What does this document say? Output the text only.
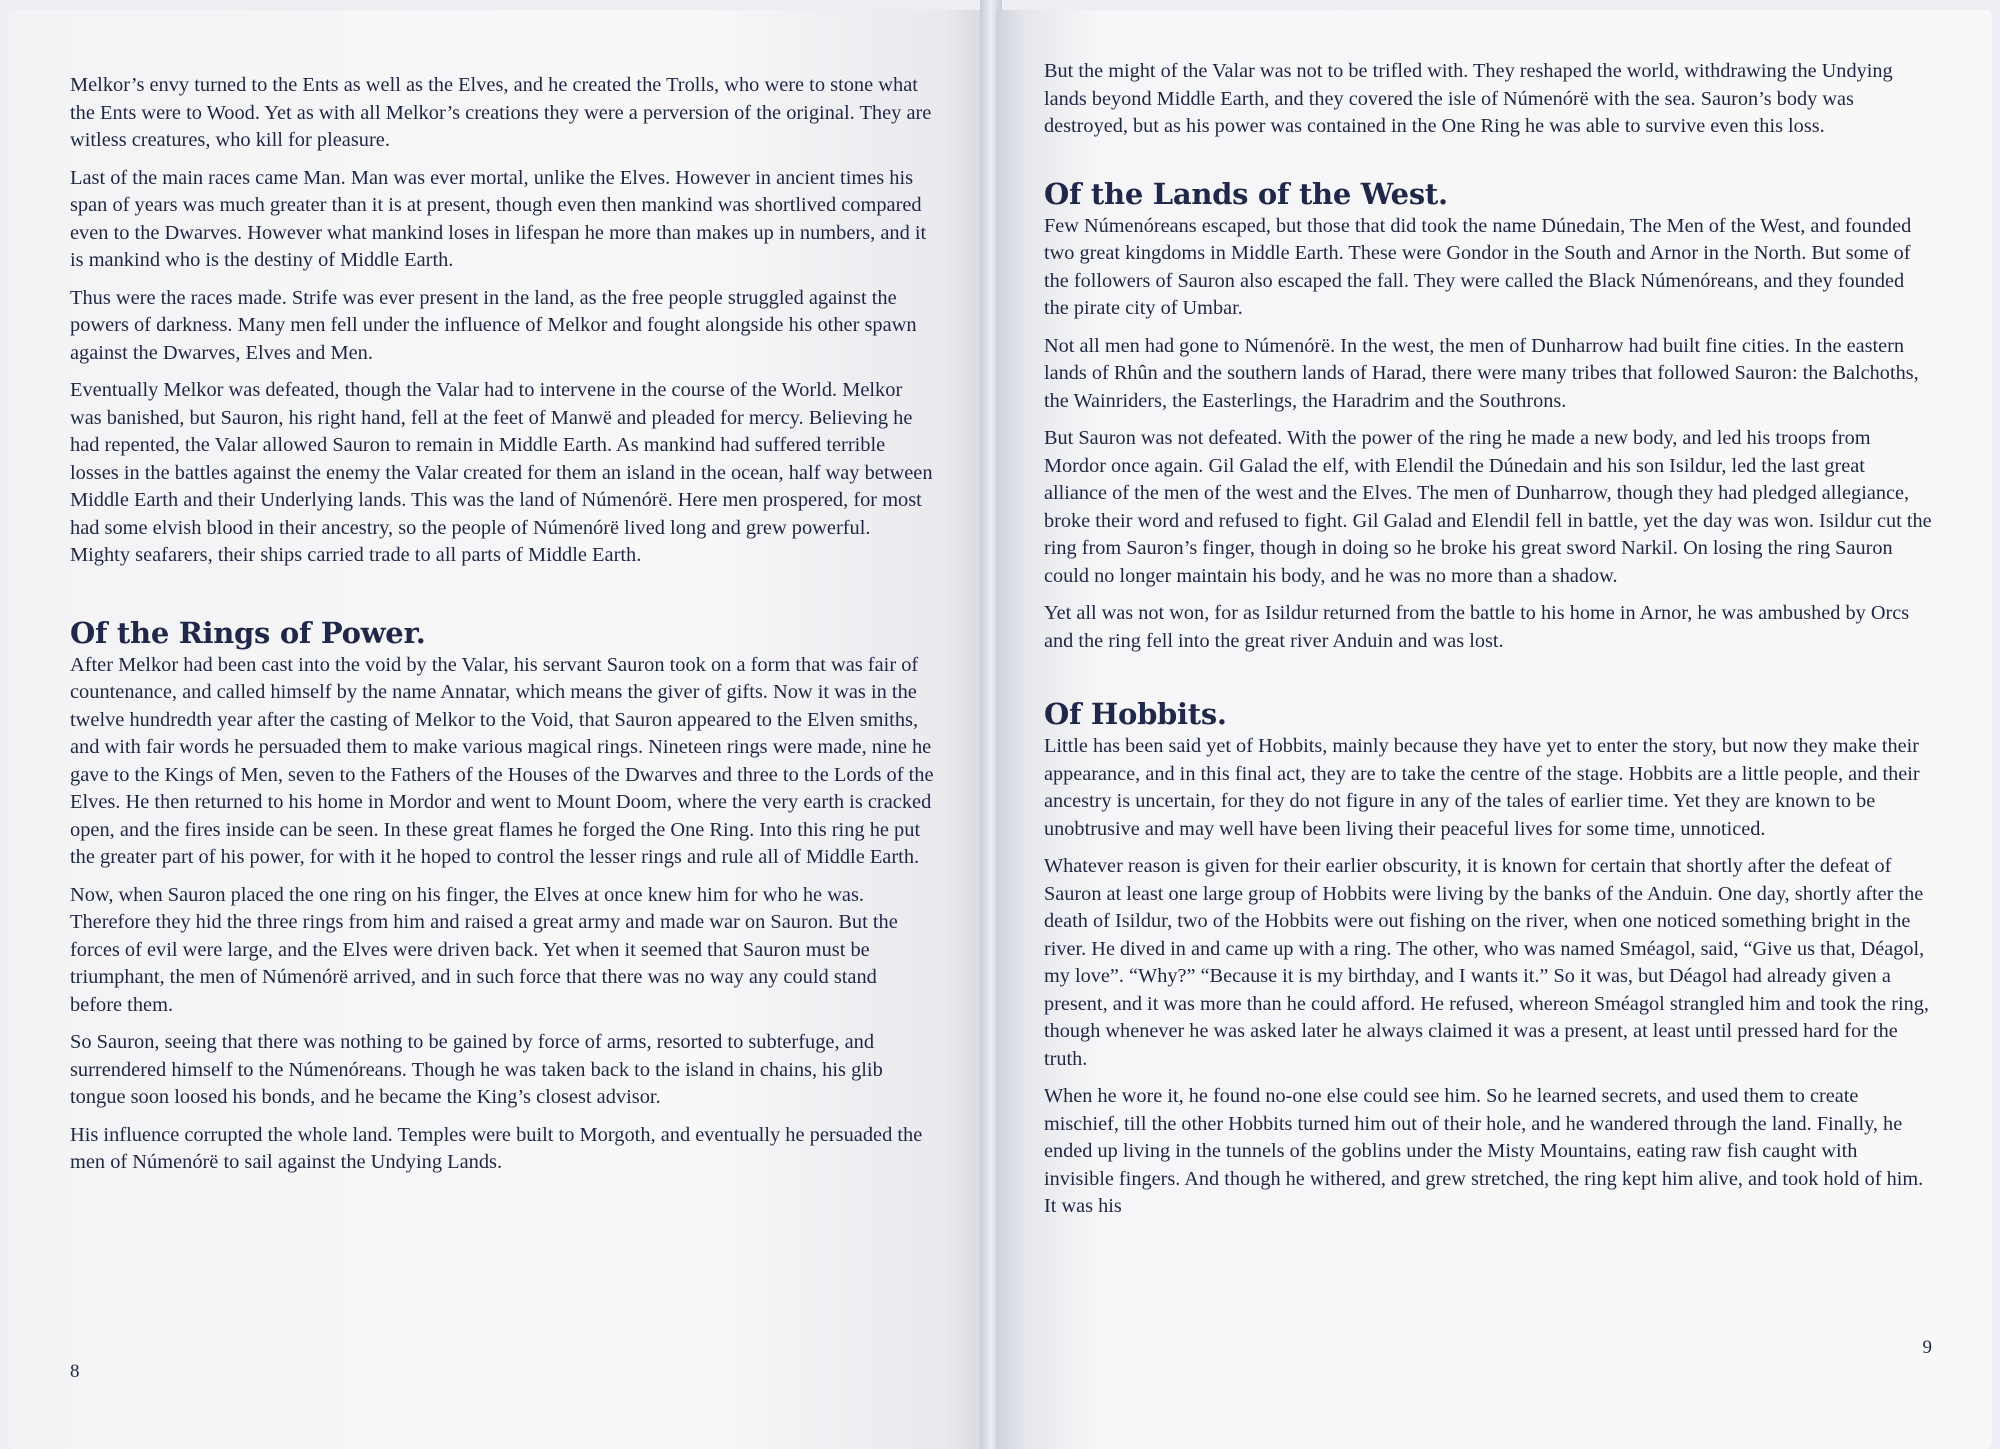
Melkor’s envy turned to the Ents as well as the Elves, and he created the Trolls, who were to stone what the Ents were to Wood. Yet as with all Melkor’s creations they were a perversion of the original. They are witless creatures, who kill for pleasure.

Last of the main races came Man. Man was ever mortal, unlike the Elves. However in ancient times his span of years was much greater than it is at present, though even then mankind was shortlived compared even to the Dwarves. However what mankind loses in lifespan he more than makes up in numbers, and it is mankind who is the destiny of Middle Earth.

Thus were the races made. Strife was ever present in the land, as the free people struggled against the powers of darkness. Many men fell under the influence of Melkor and fought alongside his other spawn against the Dwarves, Elves and Men.

Eventually Melkor was defeated, though the Valar had to intervene in the course of the World. Melkor was banished, but Sauron, his right hand, fell at the feet of Manwë and pleaded for mercy. Believing he had repented, the Valar allowed Sauron to remain in Middle Earth. As mankind had suffered terrible losses in the battles against the enemy the Valar created for them an island in the ocean, half way between Middle Earth and their Underlying lands. This was the land of Númenórë. Here men prospered, for most had some elvish blood in their ancestry, so the people of Númenórë lived long and grew powerful. Mighty seafarers, their ships carried trade to all parts of Middle Earth.

Of the Rings of Power.

After Melkor had been cast into the void by the Valar, his servant Sauron took on a form that was fair of countenance, and called himself by the name Annatar, which means the giver of gifts. Now it was in the twelve hundredth year after the casting of Melkor to the Void, that Sauron appeared to the Elven smiths, and with fair words he persuaded them to make various magical rings. Nineteen rings were made, nine he gave to the Kings of Men, seven to the Fathers of the Houses of the Dwarves and three to the Lords of the Elves. He then returned to his home in Mordor and went to Mount Doom, where the very earth is cracked open, and the fires inside can be seen. In these great flames he forged the One Ring. Into this ring he put the greater part of his power, for with it he hoped to control the lesser rings and rule all of Middle Earth.

Now, when Sauron placed the one ring on his finger, the Elves at once knew him for who he was. Therefore they hid the three rings from him and raised a great army and made war on Sauron. But the forces of evil were large, and the Elves were driven back. Yet when it seemed that Sauron must be triumphant, the men of Númenórë arrived, and in such force that there was no way any could stand before them.

So Sauron, seeing that there was nothing to be gained by force of arms, resorted to subterfuge, and surrendered himself to the Númenóreans. Though he was taken back to the island in chains, his glib tongue soon loosed his bonds, and he became the King’s closest advisor.

His influence corrupted the whole land. Temples were built to Morgoth, and eventually he persuaded the men of Númenórë to sail against the Undying Lands.

8

But the might of the Valar was not to be trifled with. They reshaped the world, withdrawing the Undying lands beyond Middle Earth, and they covered the isle of Númenórë with the sea. Sauron’s body was destroyed, but as his power was contained in the One Ring he was able to survive even this loss.

Of the Lands of the West.

Few Númenóreans escaped, but those that did took the name Dúnedain, The Men of the West, and founded two great kingdoms in Middle Earth. These were Gondor in the South and Arnor in the North. But some of the followers of Sauron also escaped the fall. They were called the Black Númenóreans, and they founded the pirate city of Umbar.

Not all men had gone to Númenórë. In the west, the men of Dunharrow had built fine cities. In the eastern lands of Rhûn and the southern lands of Harad, there were many tribes that followed Sauron: the Balchoths, the Wainriders, the Easterlings, the Haradrim and the Southrons.

But Sauron was not defeated. With the power of the ring he made a new body, and led his troops from Mordor once again. Gil Galad the elf, with Elendil the Dúnedain and his son Isildur, led the last great alliance of the men of the west and the Elves. The men of Dunharrow, though they had pledged allegiance, broke their word and refused to fight. Gil Galad and Elendil fell in battle, yet the day was won. Isildur cut the ring from Sauron’s finger, though in doing so he broke his great sword Narkil. On losing the ring Sauron could no longer maintain his body, and he was no more than a shadow.

Yet all was not won, for as Isildur returned from the battle to his home in Arnor, he was ambushed by Orcs and the ring fell into the great river Anduin and was lost.

Of Hobbits.

Little has been said yet of Hobbits, mainly because they have yet to enter the story, but now they make their appearance, and in this final act, they are to take the centre of the stage. Hobbits are a little people, and their ancestry is uncertain, for they do not figure in any of the tales of earlier time. Yet they are known to be unobtrusive and may well have been living their peaceful lives for some time, unnoticed.

Whatever reason is given for their earlier obscurity, it is known for certain that shortly after the defeat of Sauron at least one large group of Hobbits were living by the banks of the Anduin. One day, shortly after the death of Isildur, two of the Hobbits were out fishing on the river, when one noticed something bright in the river. He dived in and came up with a ring. The other, who was named Sméagol, said, “Give us that, Déagol, my love”. “Why?” “Because it is my birthday, and I wants it.” So it was, but Déagol had already given a present, and it was more than he could afford. He refused, whereon Sméagol strangled him and took the ring, though whenever he was asked later he always claimed it was a present, at least until pressed hard for the truth.

When he wore it, he found no-one else could see him. So he learned secrets, and used them to create mischief, till the other Hobbits turned him out of their hole, and he wandered through the land. Finally, he ended up living in the tunnels of the goblins under the Misty Mountains, eating raw fish caught with invisible fingers. And though he withered, and grew stretched, the ring kept him alive, and took hold of him. It was his

9
